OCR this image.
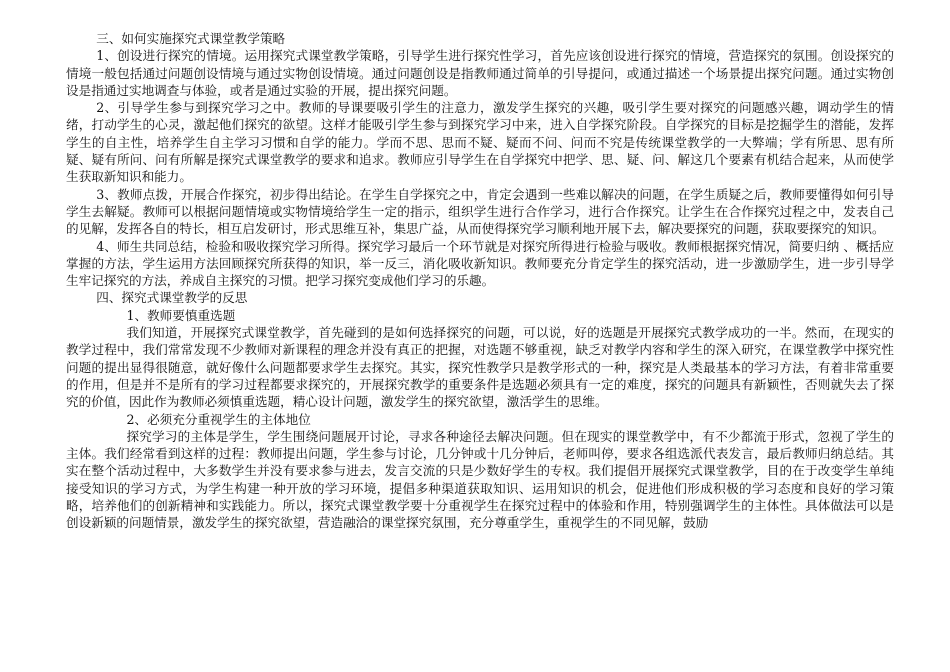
三、如何实施探究式课堂教学策略

1、创设进行探究的情境。运用探究式课堂教学策略，引导学生进行探究性学习，首先应该创设进行探究的情境，营造探究的氛围。创设探究的情境一般包括通过问题创设情境与通过实物创设情境。通过问题创设是指教师通过简单的引导提问，或通过描述一个场景提出探究问题。通过实物创设是指通过实地调查与体验，或者是通过实验的开展，提出探究问题。

2、引导学生参与到探究学习之中。教师的导课要吸引学生的注意力，激发学生探究的兴趣，吸引学生要对探究的问题感兴趣，调动学生的情绪，打动学生的心灵，激起他们探究的欲望。这样才能吸引学生参与到探究学习中来，进入自学探究阶段。自学探究的目标是挖掘学生的潜能，发挥学生的自主性，培养学生自主学习习惯和自学的能力。学而不思、思而不疑、疑而不问、问而不究是传统课堂教学的一大弊端；学有所思、思有所疑、疑有所问、问有所解是探究式课堂教学的要求和追求。教师应引导学生在自学探究中把学、思、疑、问、解这几个要素有机结合起来，从而使学生获取新知识和能力。

3、教师点拨，开展合作探究，初步得出结论。在学生自学探究之中，肯定会遇到一些难以解决的问题，在学生质疑之后，教师要懂得如何引导学生去解疑。教师可以根据问题情境或实物情境给学生一定的指示，组织学生进行合作学习，进行合作探究。让学生在合作探究过程之中，发表自己的见解，发挥各自的特长，相互启发研讨，形式思维互补，集思广益，从而使得探究学习顺利地开展下去，解决要探究的问题，获取要探究的知识。

4、师生共同总结，检验和吸收探究学习所得。探究学习最后一个环节就是对探究所得进行检验与吸收。教师根据探究情况，简要归纳 、概括应掌握的方法，学生运用方法回顾探究所获得的知识，举一反三，消化吸收新知识。教师要充分肯定学生的探究活动，进一步激励学生，进一步引导学生牢记探究的方法，养成自主探究的习惯。把学习探究变成他们学习的乐趣。

四、探究式课堂教学的反思

1、教师要慎重选题

我们知道，开展探究式课堂教学，首先碰到的是如何选择探究的问题，可以说，好的选题是开展探究式教学成功的一半。然而，在现实的教学过程中，我们常常发现不少教师对新课程的理念并没有真正的把握，对选题不够重视，缺乏对教学内容和学生的深入研究，在课堂教学中探究性问题的提出显得很随意，就好像什么问题都要求学生去探究。其实，探究性教学只是教学形式的一种，探究是人类最基本的学习方法，有着非常重要的作用，但是并不是所有的学习过程都要求探究的，开展探究教学的重要条件是选题必须具有一定的难度，探究的问题具有新颖性，否则就失去了探究的价值，因此作为教师必须慎重选题，精心设计问题，激发学生的探究欲望，激活学生的思维。

2、必须充分重视学生的主体地位

探究学习的主体是学生，学生围绕问题展开讨论，寻求各种途径去解决问题。但在现实的课堂教学中，有不少都流于形式，忽视了学生的主体。我们经常看到这样的过程：教师提出问题，学生参与讨论，几分钟或十几分钟后，老师叫停，要求各组选派代表发言，最后教师归纳总结。其实在整个活动过程中，大多数学生并没有要求参与进去，发言交流的只是少数好学生的专权。我们提倡开展探究式课堂教学，目的在于改变学生单纯接受知识的学习方式，为学生构建一种开放的学习环境，提倡多种渠道获取知识、运用知识的机会，促进他们形成积极的学习态度和良好的学习策略，培养他们的创新精神和实践能力。所以，探究式课堂教学要十分重视学生在探究过程中的体验和作用，特别强调学生的主体性。具体做法可以是创设新颖的问题情景，激发学生的探究欲望，营造融洽的课堂探究氛围，充分尊重学生，重视学生的不同见解，鼓励
